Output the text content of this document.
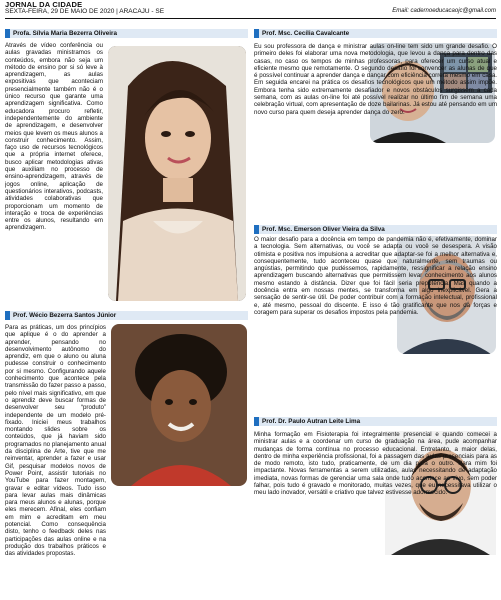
JORNAL DA CIDADE
SEXTA-FEIRA, 29 DE MAIO DE 2020 | ARACAJU - SE	Email: cadernoeducacaojc@gmail.com
Profa. Sílvia Maria Bezerra Oliveira

Através de vídeo conferência ou aulas gravadas ministramos os conteúdos, embora não seja um método de ensino por si só leve à aprendizagem, as aulas expositivas que aconteciam presencialmente também não é o único recurso que garante uma aprendizagem significativa. Como educadora procuro refletir, independentemente do ambiente de aprendizagem, e desenvolver meios que levem os meus alunos a construir conhecimento. Assim, faço uso de recursos tecnológicos que a própria internet oferece, busco aplicar metodologias ativas que auxiliam no processo de ensino-aprendizagem, através de jogos online, aplicação de questionários interativos, podcasts, atividades colaborativas que proporcionam um momento de interação e troca de experiências entre os alunos, resultando em aprendizagem.

Prof. Wécio Bezerra Santos Júnior

Para as práticas, um dos princípios que aplique é o do aprender a aprender, pensando no desenvolvimento autônomo do aprendiz, em que o aluno ou aluna pudesse construir o conhecimento por si mesmo. Configurando aquele conhecimento que acontece pela transmissão do fazer passo a passo, pelo nível mais significativo, em que o aprendiz deve buscar formas de desenvolver seu “produto” independente de um modelo pré-fixado. Iniciei meus trabalhos montando slides sobre os conteúdos, que já haviam sido programados no planejamento anual da disciplina de Arte, tive que me reinventar, aprender a fazer e usar Gif, pesquisar modelos novos de Power Point, assistir tutoriais no YouTube para fazer montagem, gravar e editar vídeos. Tudo isso para levar aulas mais dinâmicas para meus alunos e alunas, porque eles merecem. Afinal, eles confiam em mim e acreditam em meu potencial. Como consequência disto, tenho o feedback deles nas participações das aulas online e na produção dos trabalhos práticos e das atividades propostas.

Prof. Msc. Cecília Cavalcante

Eu sou professora de dança e ministrar aulas on-line tem sido um grande desafio. O primeiro deles foi elaborar uma nova metodologia, que levou a dança para dentro das casas, no caso os tempos de minhas professoras, para oferecer um curso atual e eficiente mesmo que remotamente. O segundo desafio foi convencer as alunas de que é possível continuar a aprender dança e dançar com eficiência correta mesmo em casa. Em seguida encarei na prática os desafios tecnológicos que um método assim impõe. Embora tenha sido extremamente desafiador e novos obstáculos surgissem a cada semana, com as aulas on-line foi até possível realizar no último fim de semana uma celebração virtual, com apresentação de doze bailarinas. Já estou até pensando em um novo curso para quem deseja aprender dança do zero.

Prof. Msc. Emerson Oliver Vieira da Silva

O maior desafio para a docência em tempo de pandemia não é, efetivamente, dominar a tecnologia. Sem alternativas, ou você se adapta ou você se desespera. A visão otimista e positiva nos impulsiona a acreditar que adaptar-se foi a melhor alternativa e, consequentemente, tudo aconteceu quase que naturalmente, sem traumas ou angústias, permitindo que pudéssemos, rapidamente, ressignificar a relação ensino aprendizagem buscando alternativas que permitissem levar conhecimento aos alunos mesmo estando à distância. Dizer que foi fácil seria prepotência. Mas quando a docência entra em nossas mentes, se transforma em algo inexplicável. Gera a sensação de sentir-se útil. De poder contribuir com a formação intelectual, profissional e, até mesmo, pessoal do discente. E isso é tão gratificante que nos dá forças e coragem para superar os desafios impostos pela pandemia.

Prof. Dr. Paulo Autran Leite Lima

Minha formação em Fisioterapia foi integralmente presencial e quando comecei a ministrar aulas e a coordenar um curso de graduação na área, pude acompanhar mudanças de forma contínua no processo educacional. Entretanto, a maior delas, dentro de minha experiência profissional, foi a passagem das aulas presenciais para as de modo remoto, isto tudo, praticamente, de um dia para o outro. Para mim foi impactante. Novas ferramentas a serem utilizadas, aulas necessitando de adaptação imediata, novas formas de gerenciar uma sala onde tudo acontece ao vivo, sem poder falhar, pois tudo é gravado e monitorado, muitas vezes, que eu necessitava utilizar o meu lado inovador, versátil e criativo que talvez estivesse adormecido.
